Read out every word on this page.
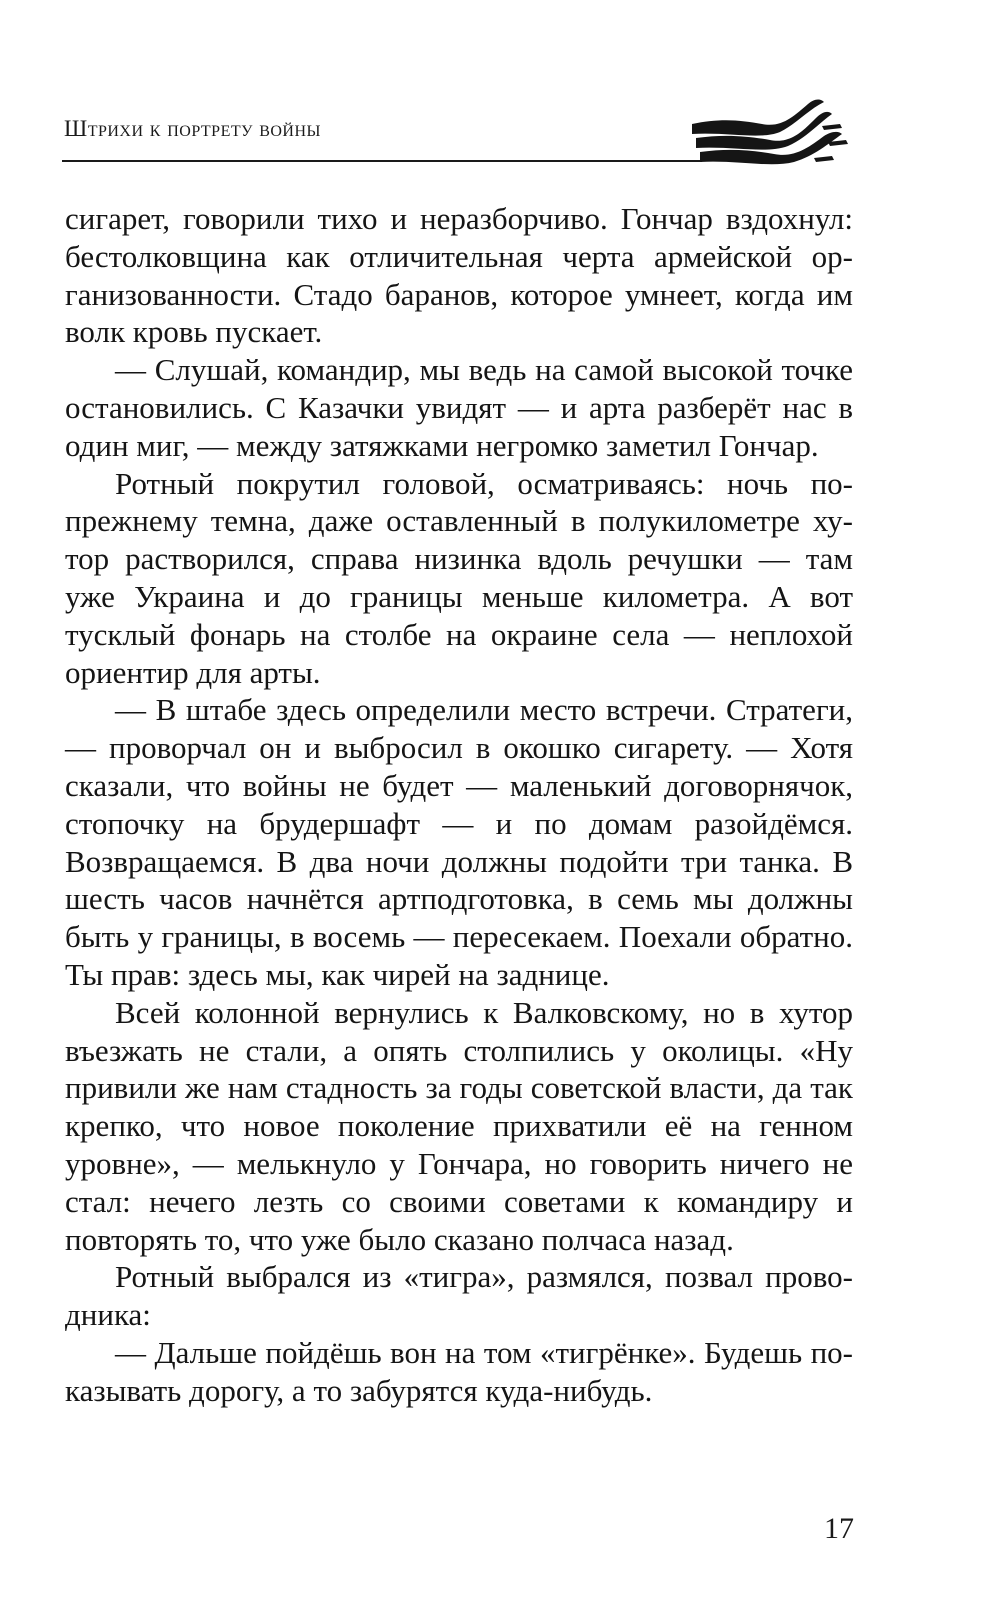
Штрихи к портрету войны

сигарет, говорили тихо и неразборчиво. Гончар вздохнул: бестолковщина как отличительная черта армейской организованности. Стадо баранов, которое умнеет, когда им волк кровь пускает.

— Слушай, командир, мы ведь на самой высокой точке остановились. С Казачки увидят — и арта разберёт нас в один миг, — между затяжками негромко заметил Гончар.

Ротный покрутил головой, осматриваясь: ночь попрежнему темна, даже оставленный в полукилометре хутор растворился, справа низинка вдоль речушки — там уже Украина и до границы меньше километра. А вот тусклый фонарь на столбе на окраине села — неплохой ориентир для арты.

— В штабе здесь определили место встречи. Стратеги, — проворчал он и выбросил в окошко сигарету. — Хотя сказали, что войны не будет — маленький договорнячок, стопочку на брудершафт — и по домам разойдёмся. Возвращаемся. В два ночи должны подойти три танка. В шесть часов начнётся артподготовка, в семь мы должны быть у границы, в восемь — пересекаем. Поехали обратно. Ты прав: здесь мы, как чирей на заднице.

Всей колонной вернулись к Валковскому, но в хутор въезжать не стали, а опять столпились у околицы. «Ну привили же нам стадность за годы советской власти, да так крепко, что новое поколение прихватили её на генном уровне», — мелькнуло у Гончара, но говорить ничего не стал: нечего лезть со своими советами к командиру и повторять то, что уже было сказано полчаса назад.

Ротный выбрался из «тигра», размялся, позвал проводника:

— Дальше пойдёшь вон на том «тигрёнке». Будешь показывать дорогу, а то забурятся куда-нибудь.

17
